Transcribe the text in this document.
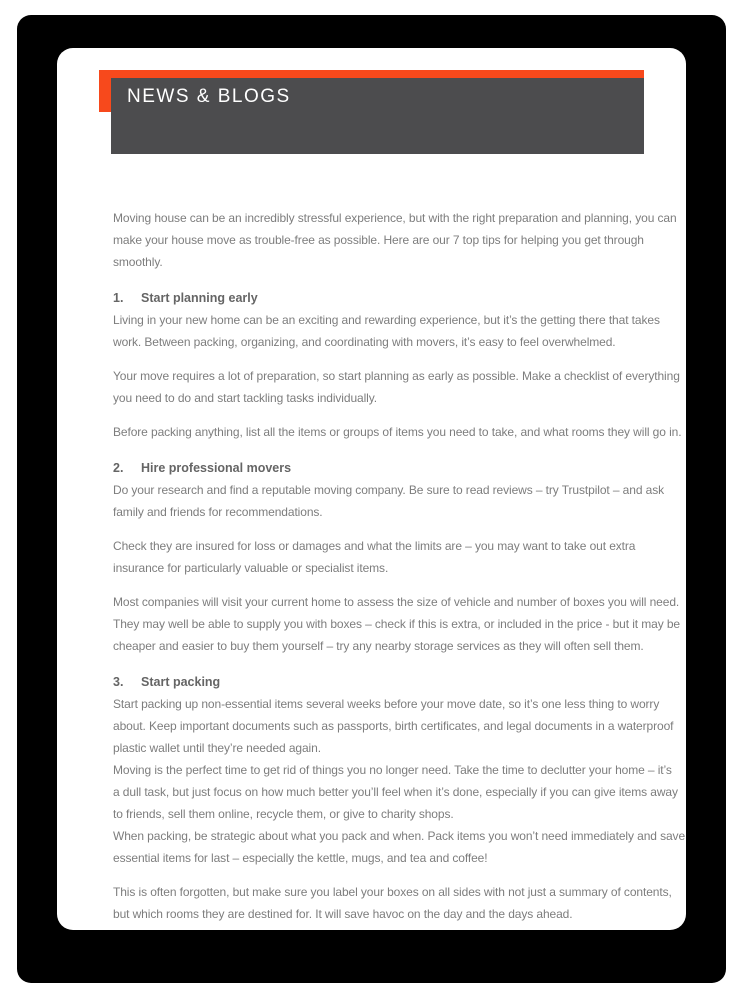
NEWS & BLOGS
Moving house can be an incredibly stressful experience, but with the right preparation and planning, you can
make your house move as trouble-free as possible. Here are our 7 top tips for helping you get through
smoothly.
1.	Start planning early
Living in your new home can be an exciting and rewarding experience, but it’s the getting there that takes
work. Between packing, organizing, and coordinating with movers, it’s easy to feel overwhelmed.
Your move requires a lot of preparation, so start planning as early as possible. Make a checklist of everything
you need to do and start tackling tasks individually.
Before packing anything, list all the items or groups of items you need to take, and what rooms they will go in.
2.	Hire professional movers
Do your research and find a reputable moving company. Be sure to read reviews – try Trustpilot – and ask
family and friends for recommendations.
Check they are insured for loss or damages and what the limits are – you may want to take out extra
insurance for particularly valuable or specialist items.
Most companies will visit your current home to assess the size of vehicle and number of boxes you will need.
They may well be able to supply you with boxes – check if this is extra, or included in the price - but it may be
cheaper and easier to buy them yourself – try any nearby storage services as they will often sell them.
3.	Start packing
Start packing up non-essential items several weeks before your move date, so it’s one less thing to worry
about. Keep important documents such as passports, birth certificates, and legal documents in a waterproof
plastic wallet until they’re needed again.
Moving is the perfect time to get rid of things you no longer need. Take the time to declutter your home – it’s
a dull task, but just focus on how much better you’ll feel when it’s done, especially if you can give items away
to friends, sell them online, recycle them, or give to charity shops.
When packing, be strategic about what you pack and when. Pack items you won’t need immediately and save
essential items for last – especially the kettle, mugs, and tea and coffee!
This is often forgotten, but make sure you label your boxes on all sides with not just a summary of contents,
but which rooms they are destined for. It will save havoc on the day and the days ahead.
